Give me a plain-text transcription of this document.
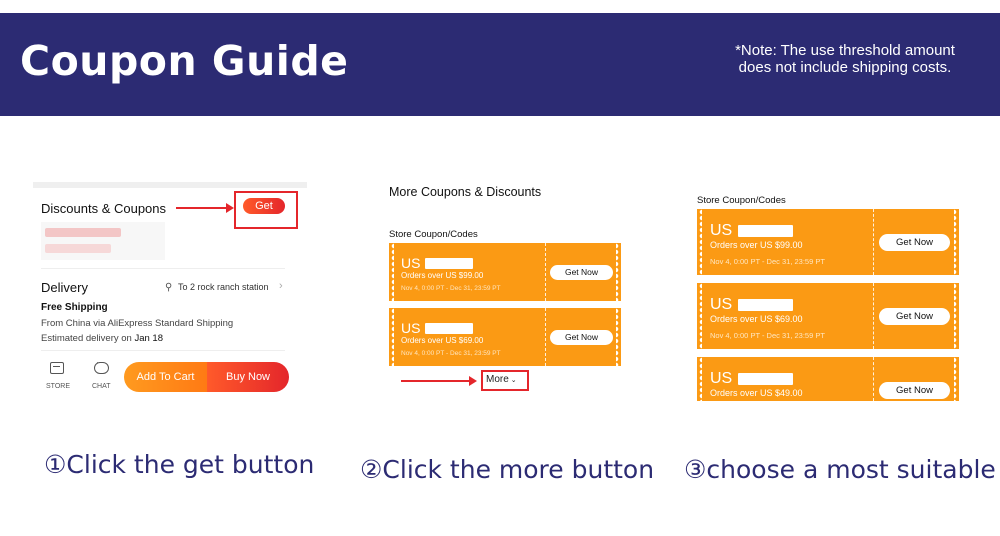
Coupon Guide	*Note: The use threshold amount
does not include shipping costs.
Discounts & Coupons	Get
Delivery	⚲ To 2 rock ranch station ›
Free Shipping
From China via AliExpress Standard Shipping
Estimated delivery on Jan 18
STORE
···	CHAT
Add To Cart	Buy Now
More Coupons & Discounts
Store Coupon/Codes
US
Orders over US $99.00
Nov 4, 0:00 PT - Dec 31, 23:59 PT
Get Now
US
Orders over US $69.00
Nov 4, 0:00 PT - Dec 31, 23:59 PT
Get Now
More ⌄
Store Coupon/Codes
US
Orders over US $99.00
Nov 4, 0:00 PT - Dec 31, 23:59 PT
Get Now
US
Orders over US $69.00
Nov 4, 0:00 PT - Dec 31, 23:59 PT
Get Now
US
Orders over US $49.00	Get Now
①Click the get button ②Click the more button ③choose a most suitable
